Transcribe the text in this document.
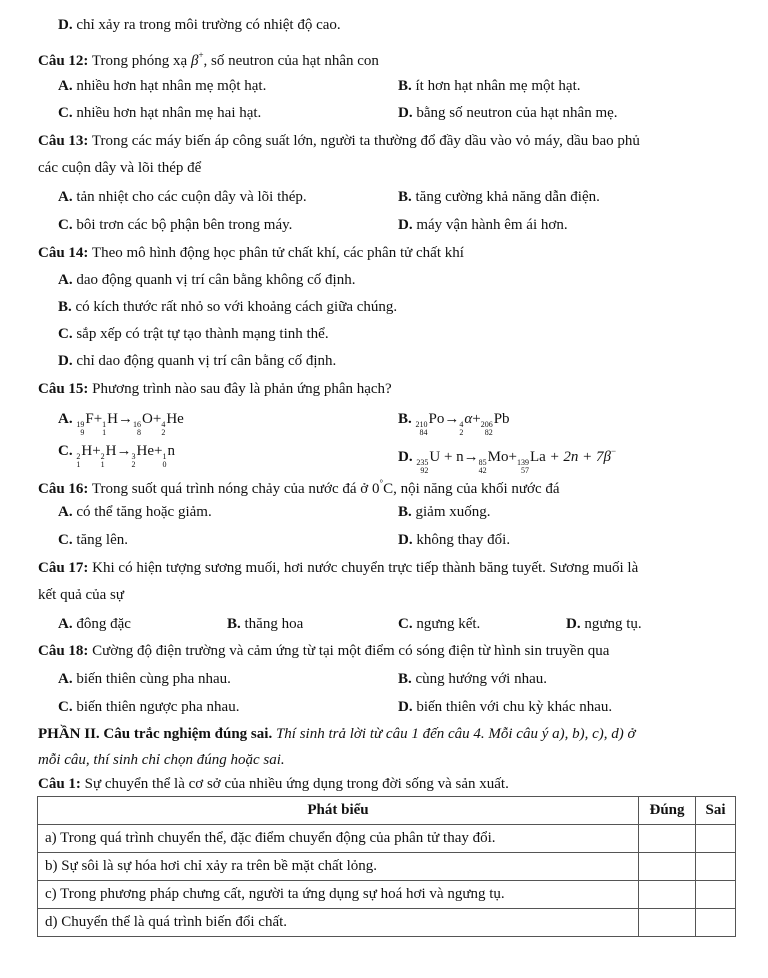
D. chỉ xảy ra trong môi trường có nhiệt độ cao.
Câu 12: Trong phóng xạ β+, số neutron của hạt nhân con
A. nhiều hơn hạt nhân mẹ một hạt.	B. ít hơn hạt nhân mẹ một hạt.
C. nhiều hơn hạt nhân mẹ hai hạt.	D. bằng số neutron của hạt nhân mẹ.
Câu 13: Trong các máy biến áp công suất lớn, người ta thường đổ đầy dầu vào vỏ máy, dầu bao phủ
các cuộn dây và lõi thép để
A. tản nhiệt cho các cuộn dây và lõi thép.	B. tăng cường khả năng dẫn điện.
C. bôi trơn các bộ phận bên trong máy.	D. máy vận hành êm ái hơn.
Câu 14: Theo mô hình động học phân tử chất khí, các phân tử chất khí
A. dao động quanh vị trí cân bằng không cố định.
B. có kích thước rất nhỏ so với khoảng cách giữa chúng.
C. sắp xếp có trật tự tạo thành mạng tinh thể.
D. chỉ dao động quanh vị trí cân bằng cố định.
Câu 15: Phương trình nào sau đây là phản ứng phân hạch?
A. 19
9
F+ 1
1
H→ 16
8
O+ 4
2
He	B. 210
84
Po→ 4
2
α+ 206
82
Pb
C. 2
1
H+ 2
1
H→ 3
2
He+ 1
0
n	D. 235
92
U + n→ 85
42
Mo+ 139
57
La + 2n + 7β−
Câu 16: Trong suốt quá trình nóng chảy của nước đá ở 0°C, nội năng của khối nước đá
A. có thể tăng hoặc giảm.	B. giảm xuống.
C. tăng lên.	D. không thay đổi.
Câu 17: Khi có hiện tượng sương muối, hơi nước chuyển trực tiếp thành băng tuyết. Sương muối là
kết quả của sự
A. đông đặc	B. thăng hoa	C. ngưng kết.	D. ngưng tụ.
Câu 18: Cường độ điện trường và cảm ứng từ tại một điểm có sóng điện từ hình sin truyền qua
A. biến thiên cùng pha nhau.	B. cùng hướng với nhau.
C. biến thiên ngược pha nhau.	D. biến thiên với chu kỳ khác nhau.
PHẦN II. Câu trắc nghiệm đúng sai. Thí sinh trả lời từ câu 1 đến câu 4. Mỗi câu ý a), b), c), d) ở
mỗi câu, thí sinh chỉ chọn đúng hoặc sai.
Câu 1: Sự chuyển thể là cơ sở của nhiều ứng dụng trong đời sống và sản xuất.
Phát biểu	Đúng	Sai
a) Trong quá trình chuyển thể, đặc điểm chuyển động của phân tử thay đổi.		
b) Sự sôi là sự hóa hơi chỉ xảy ra trên bề mặt chất lỏng.		
c) Trong phương pháp chưng cất, người ta ứng dụng sự hoá hơi và ngưng tụ.		
d) Chuyển thể là quá trình biến đổi chất.		
